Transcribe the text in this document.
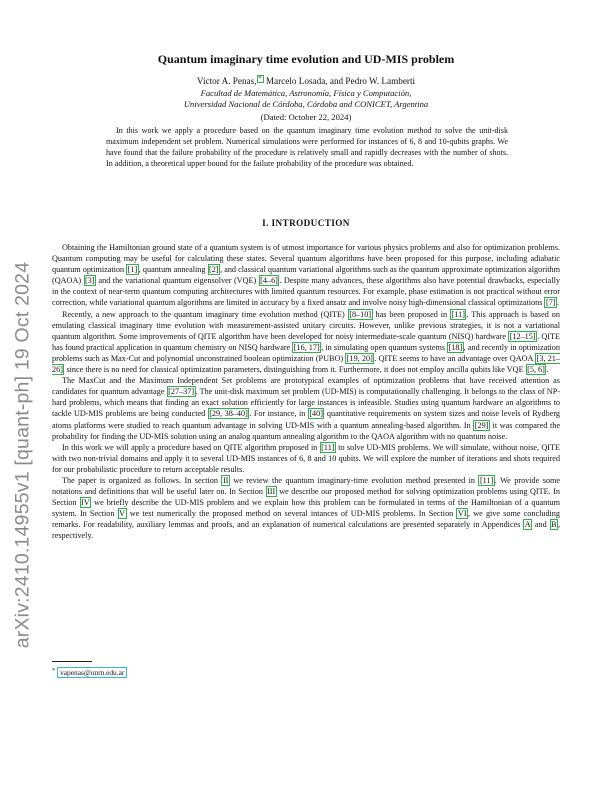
arXiv:2410.14955v1 [quant-ph] 19 Oct 2024
Quantum imaginary time evolution and UD-MIS problem
Victor A. Penas, * Marcelo Losada, and Pedro W. Lamberti
Facultad de Matemática, Astronomía, Física y Computación,
Universidad Nacional de Córdoba, Córdoba and CONICET, Argentina
(Dated: October 22, 2024)

In this work we apply a procedure based on the quantum imaginary time evolution method to solve the unit-disk maximum independent set problem. Numerical simulations were performed for instances of 6, 8 and 10-qubits graphs. We have found that the failure probability of the procedure is relatively small and rapidly decreases with the number of shots. In addition, a theoretical upper bound for the failure probability of the procedure was obtained.

I. INTRODUCTION

Obtaining the Hamiltonian ground state of a quantum system is of utmost importance for various physics problems and also for optimization problems. Quantum computing may be useful for calculating these states. Several quantum algorithms have been proposed for this purpose, including adiabatic quantum optimization [1] , quantum annealing [2] , and classical quantum variational algorithms such as the quantum approximate optimization algorithm (QAOA) [3] and the variational quantum eigensolver (VQE) [4–6] . Despite many advances, these algorithms also have potential drawbacks, especially in the context of near-term quantum computing architectures with limited quantum resources. For example, phase estimation is not practical without error correction, while variational quantum algorithms are limited in accuracy by a fixed ansatz and involve noisy high-dimensional classical optimizations [7] .

Recently, a new approach to the quantum imaginary time evolution method (QITE) [8–10] has been proposed in [11] . This approach is based on emulating classical imaginary time evolution with measurement-assisted unitary circuits. However, unlike previous strategies, it is not a variational quantum algorithm. Some improvements of QITE algorithm have been developed for noisy intermediate-scale quantum (NISQ) hardware [12–15] . QITE has found practical application in quantum chemistry on NISQ hardware [16, 17] , in simulating open quantum systems [18] , and recently in optimization problems such as Max-Cut and polynomial unconstrained boolean optimization (PUBO) [19, 20] . QITE seems to have an advantage over QAOA [3, 21–26] since there is no need for classical optimization parameters, distinguishing from it. Furthermore, it does not employ ancilla qubits like VQE [5, 6] .

The MaxCut and the Maximum Independent Set problems are prototypical examples of optimization problems that have received attention as candidates for quantum advantage [27–37] . The unit-disk maximum set problem (UD-MIS) is computationally challenging. It belongs to the class of NP-hard problems, which means that finding an exact solution efficiently for large instances is infeasible. Studies using quantum hardware an algorithms to tackle UD-MIS problems are being conducted [29, 38–40] . For instance, in [40] quantitative requirements on system sizes and noise levels of Rydberg atoms platforms were studied to reach quantum advantage in solving UD-MIS with a quantum annealing-based algorithm. In [29] it was compared the probability for finding the UD-MIS solution using an analog quantum annealing algorithm to the QAOA algorithm with no quantum noise.

In this work we will apply a procedure based on QITE algorithm proposed in [11] to solve UD-MIS problems. We will simulate, without noise, QITE with two non-trivial domains and apply it to several UD-MIS instances of 6, 8 and 10 qubits. We will explore the number of iterations and shots required for our probabilistic procedure to return acceptable results.

The paper is organized as follows. In section II we review the quantum imaginary-time evolution method presented in [11] . We provide some notations and definitions that will be useful later on. In Section III we describe our proposed method for solving optimization problems using QITE. In Section IV we briefly describe the UD-MIS problem and we explain how this problem can be formulated in terms of the Hamiltonian of a quantum system. In Section V we test numerically the proposed method on several intances of UD-MIS problems. In Section VI , we give some concluding remarks. For readability, auxiliary lemmas and proofs, and an explanation of numerical calculations are presented separately in Appendices A and B , respectively.

* vapenas@unrn.edu.ar
